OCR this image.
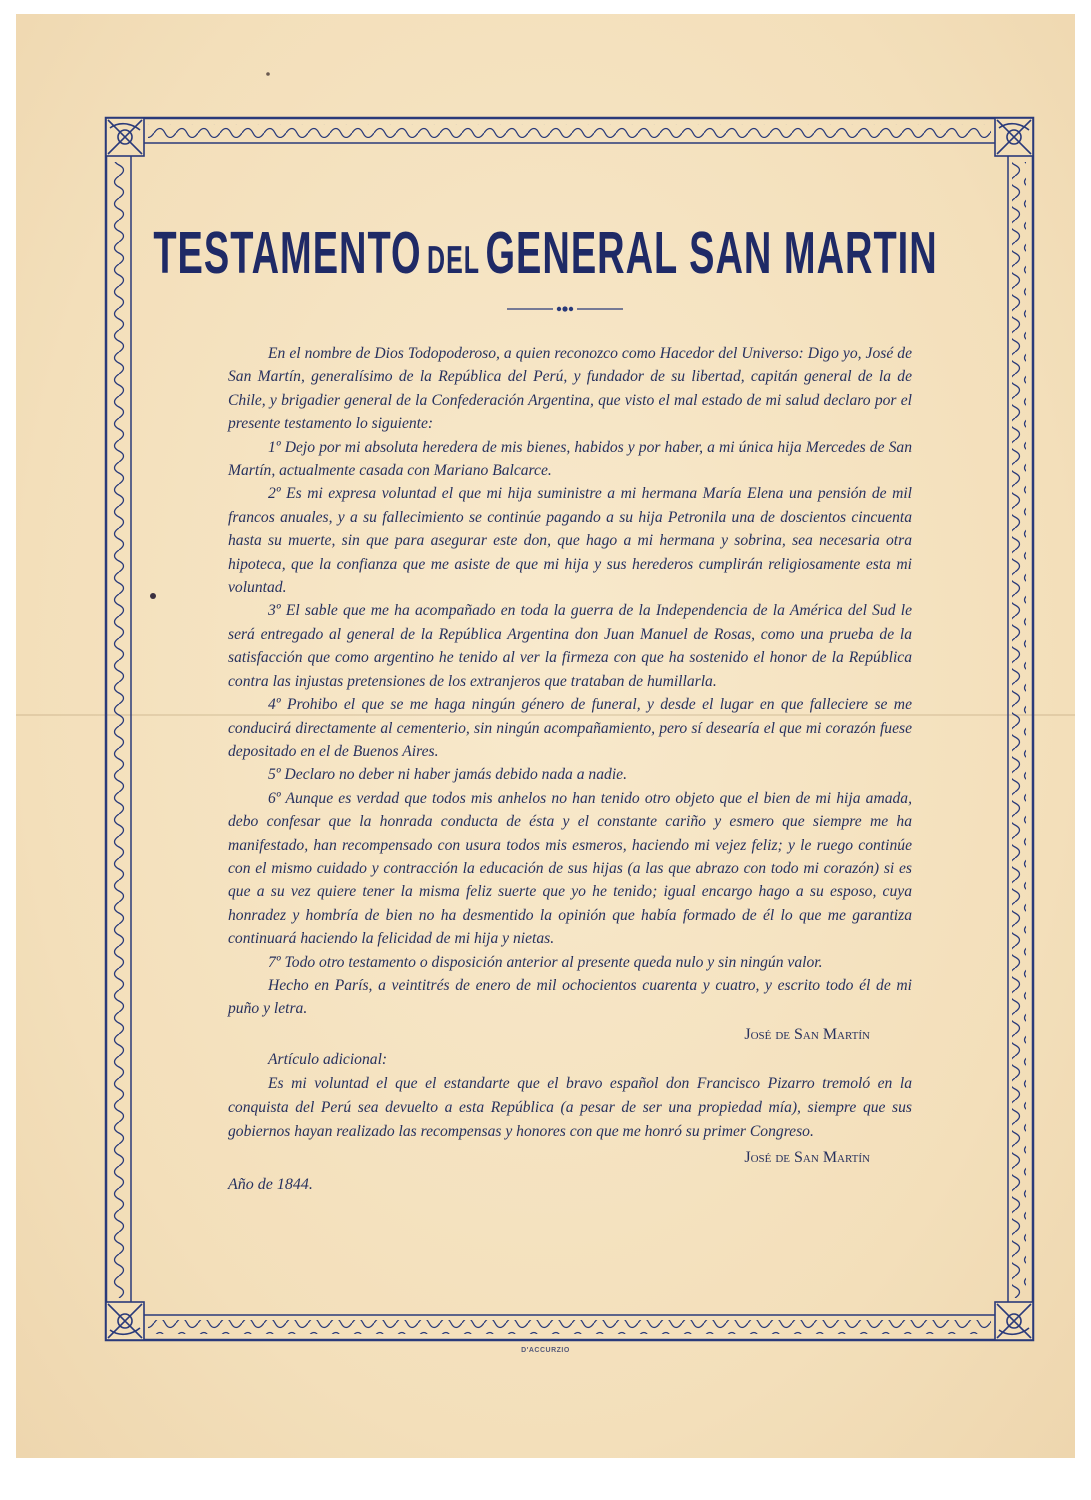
TESTAMENTO DEL GENERAL SAN MARTIN

En el nombre de Dios Todopoderoso, a quien reconozco como Hacedor del Universo: Digo yo, José de San Martín, generalísimo de la República del Perú, y fundador de su libertad, capitán general de la de Chile, y brigadier general de la Confederación Argentina, que visto el mal estado de mi salud declaro por el presente testamento lo siguiente:

1º Dejo por mi absoluta heredera de mis bienes, habidos y por haber, a mi única hija Mercedes de San Martín, actualmente casada con Mariano Balcarce.

2º Es mi expresa voluntad el que mi hija suministre a mi hermana María Elena una pensión de mil francos anuales, y a su fallecimiento se continúe pagando a su hija Petronila una de doscientos cincuenta hasta su muerte, sin que para asegurar este don, que hago a mi hermana y sobrina, sea necesaria otra hipoteca, que la confianza que me asiste de que mi hija y sus herederos cumplirán religiosamente esta mi voluntad.

3º El sable que me ha acompañado en toda la guerra de la Independencia de la América del Sud le será entregado al general de la República Argentina don Juan Manuel de Rosas, como una prueba de la satisfacción que como argentino he tenido al ver la firmeza con que ha sostenido el honor de la República contra las injustas pretensiones de los extranjeros que trataban de humillarla.

4º Prohibo el que se me haga ningún género de funeral, y desde el lugar en que falleciere se me conducirá directamente al cementerio, sin ningún acompañamiento, pero sí desearía el que mi corazón fuese depositado en el de Buenos Aires.

5º Declaro no deber ni haber jamás debido nada a nadie.

6º Aunque es verdad que todos mis anhelos no han tenido otro objeto que el bien de mi hija amada, debo confesar que la honrada conducta de ésta y el constante cariño y esmero que siempre me ha manifestado, han recompensado con usura todos mis esmeros, haciendo mi vejez feliz; y le ruego continúe con el mismo cuidado y contracción la educación de sus hijas (a las que abrazo con todo mi corazón) si es que a su vez quiere tener la misma feliz suerte que yo he tenido; igual encargo hago a su esposo, cuya honradez y hombría de bien no ha desmentido la opinión que había formado de él lo que me garantiza continuará haciendo la felicidad de mi hija y nietas.

7º Todo otro testamento o disposición anterior al presente queda nulo y sin ningún valor.

Hecho en París, a veintitrés de enero de mil ochocientos cuarenta y cuatro, y escrito todo él de mi puño y letra.

José de San Martín

Artículo adicional:

Es mi voluntad el que el estandarte que el bravo español don Francisco Pizarro tremoló en la conquista del Perú sea devuelto a esta República (a pesar de ser una propiedad mía), siempre que sus gobiernos hayan realizado las recompensas y honores con que me honró su primer Congreso.

José de San Martín

Año de 1844.

D'ACCURZIO
